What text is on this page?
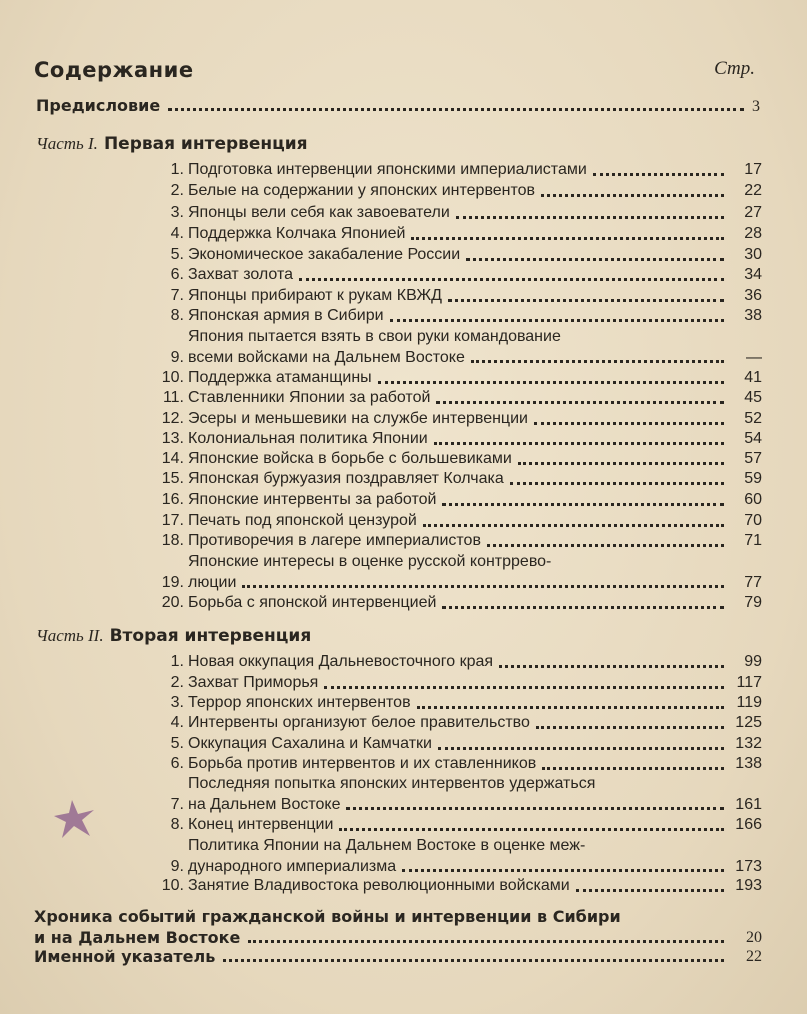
Содержание	Стр.
Предисловие	3
Часть I. Первая интервенция
1. Подготовка интервенции японскими империалистами	17
2. Белые на содержании у японских интервентов	22
3. Японцы вели себя как завоеватели	27
4. Поддержка Колчака Японией	28
5. Экономическое закабаление России	30
6. Захват золота	34
7. Японцы прибирают к рукам КВЖД	36
8. Японская армия в Сибири	38
9.
Япония пытается взять в свои руки командование
всеми войсками на Дальнем Востоке	—
10. Поддержка атаманщины	41
11. Ставленники Японии за работой	45
12. Эсеры и меньшевики на службе интервенции	52
13. Колониальная политика Японии	54
14. Японские войска в борьбе с большевиками	57
15. Японская буржуазия поздравляет Колчака	59
16. Японские интервенты за работой	60
17. Печать под японской цензурой	70
18. Противоречия в лагере империалистов	71
19.
Японские интересы в оценке русской контррево-
люции	77
20. Борьба с японской интервенцией	79
Часть II. Вторая интервенция
1. Новая оккупация Дальневосточного края	99
2. Захват Приморья	117
3. Террор японских интервентов	119
4. Интервенты организуют белое правительство	125
5. Оккупация Сахалина и Камчатки	132
6. Борьба против интервентов и их ставленников	138
7.
Последняя попытка японских интервентов удержаться
на Дальнем Востоке	161
8. Конец интервенции	166
9.
Политика Японии на Дальнем Востоке в оценке меж-
дународного империализма	173
10. Занятие Владивостока революционными войсками	193
Хроника событий гражданской войны и интервенции в Сибири
и на Дальнем Востоке	20
Именной указатель	22
